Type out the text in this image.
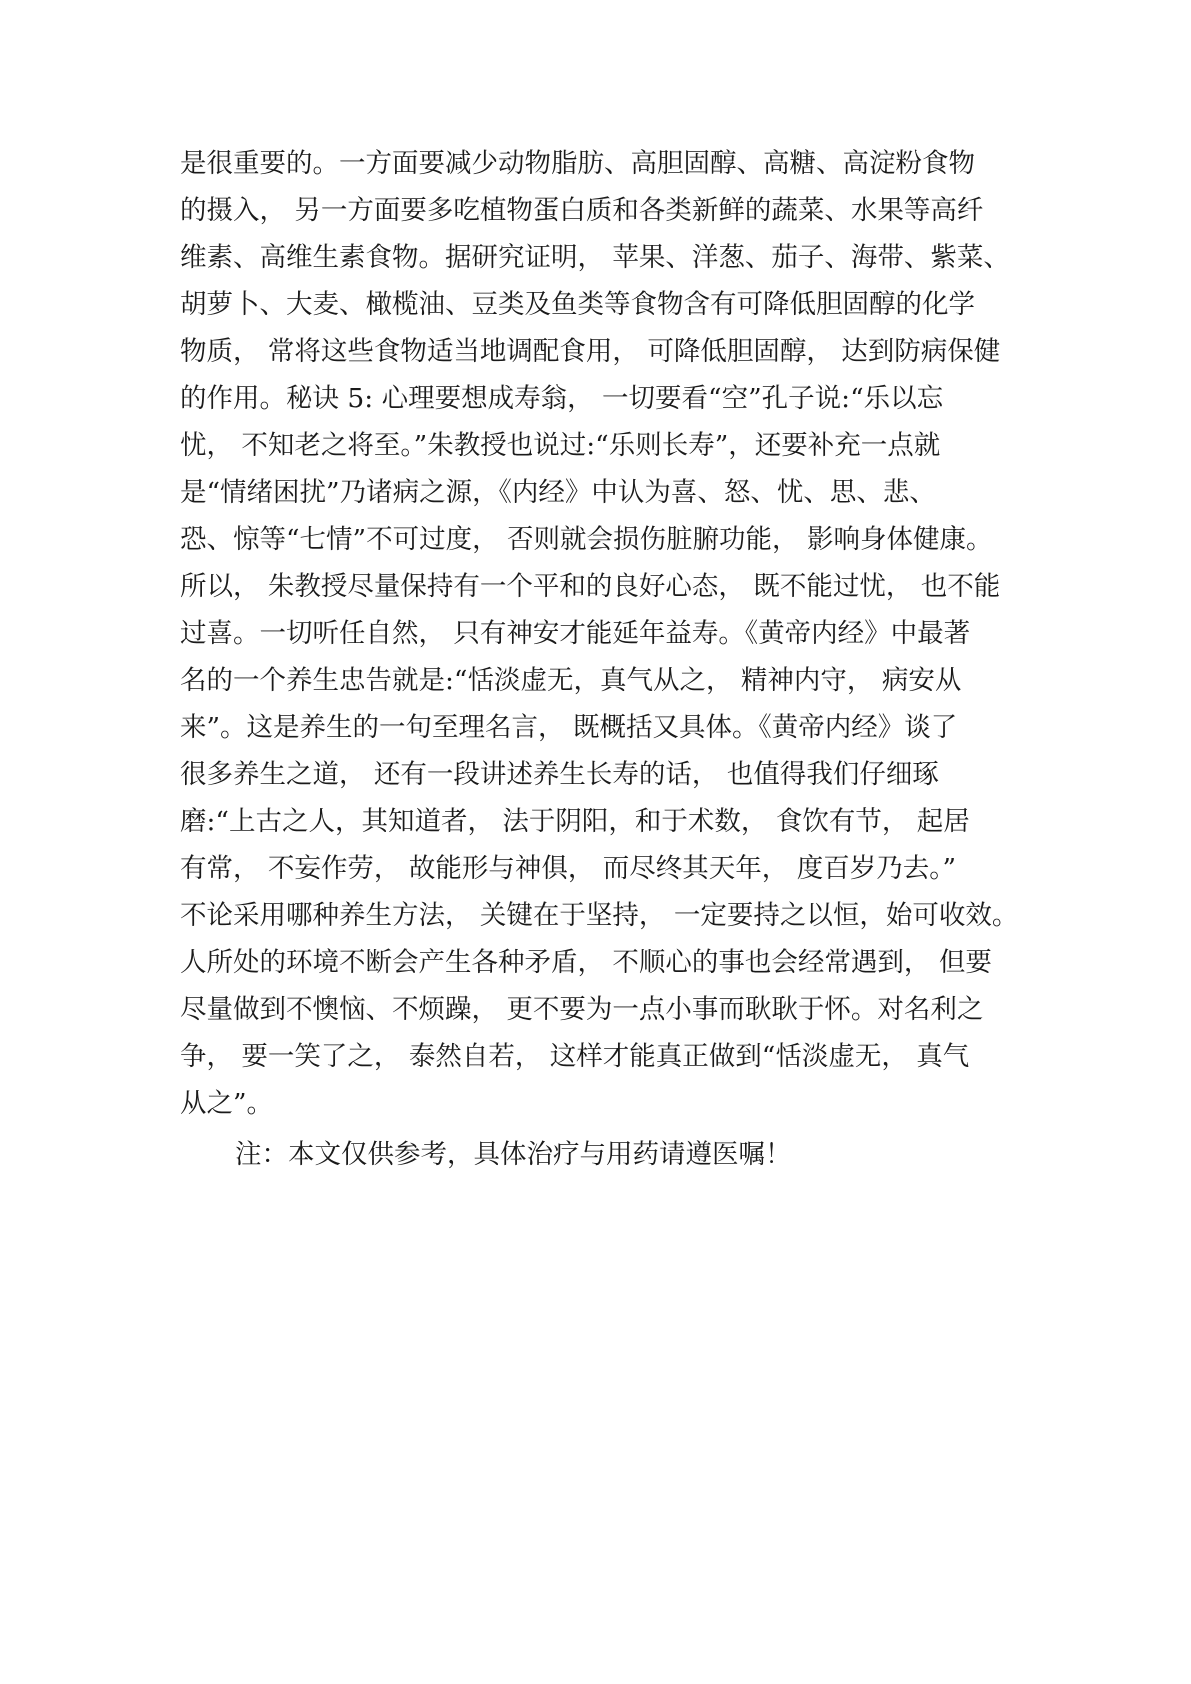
是很重要的。一方面要减少动物脂肪、高胆固醇、高糖、高淀粉食物
的摄入， 另一方面要多吃植物蛋白质和各类新鲜的蔬菜、水果等高纤
维素、高维生素食物。据研究证明， 苹果、洋葱、茄子、海带、紫菜、
胡萝卜、大麦、橄榄油、豆类及鱼类等食物含有可降低胆固醇的化学
物质， 常将这些食物适当地调配食用， 可降低胆固醇， 达到防病保健
的作用。秘诀 5: 心理要想成寿翁， 一切要看“空”孔子说:“乐以忘
忧， 不知老之将至。”朱教授也说过:“乐则长寿”，还要补充一点就
是“情绪困扰”乃诸病之源，《内经》中认为喜、怒、忧、思、悲、
恐、惊等“七情”不可过度， 否则就会损伤脏腑功能， 影响身体健康。
所以， 朱教授尽量保持有一个平和的良好心态， 既不能过忧， 也不能
过喜。一切听任自然， 只有神安才能延年益寿。《黄帝内经》中最著
名的一个养生忠告就是:“恬淡虚无，真气从之， 精神内守， 病安从
来”。这是养生的一句至理名言， 既概括又具体。《黄帝内经》谈了
很多养生之道， 还有一段讲述养生长寿的话， 也值得我们仔细琢
磨:“上古之人，其知道者， 法于阴阳，和于术数， 食饮有节， 起居
有常， 不妄作劳， 故能形与神俱， 而尽终其天年， 度百岁乃去。”
不论采用哪种养生方法， 关键在于坚持， 一定要持之以恒，始可收效。
人所处的环境不断会产生各种矛盾， 不顺心的事也会经常遇到， 但要
尽量做到不懊恼、不烦躁， 更不要为一点小事而耿耿于怀。对名利之
争， 要一笑了之， 泰然自若， 这样才能真正做到“恬淡虚无， 真气
从之”。
注：本文仅供参考，具体治疗与用药请遵医嘱！
